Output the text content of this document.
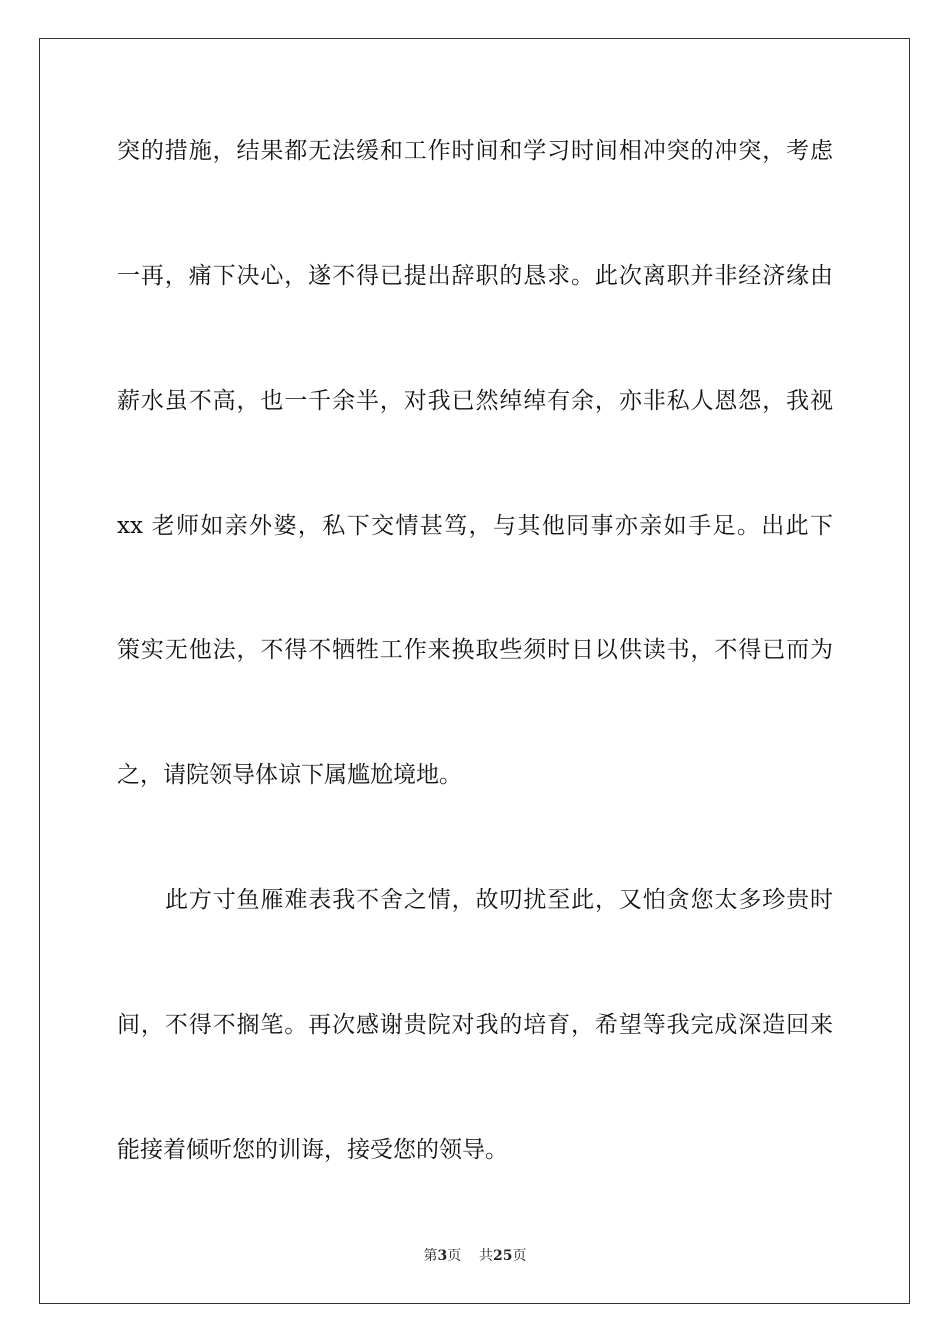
突的措施，结果都无法缓和工作时间和学习时间相冲突的冲突，考虑
一再，痛下决心，遂不得已提出辞职的恳求。此次离职并非经济缘由
薪水虽不高，也一千余半，对我已然绰绰有余，亦非私人恩怨，我视
xx 老师如亲外婆，私下交情甚笃，与其他同事亦亲如手足。出此下
策实无他法，不得不牺牲工作来换取些须时日以供读书，不得已而为
之，请院领导体谅下属尴尬境地。
此方寸鱼雁难表我不舍之情，故叨扰至此，又怕贪您太多珍贵时
间，不得不搁笔。再次感谢贵院对我的培育，希望等我完成深造回来
能接着倾听您的训诲，接受您的领导。
第3页    共25页
